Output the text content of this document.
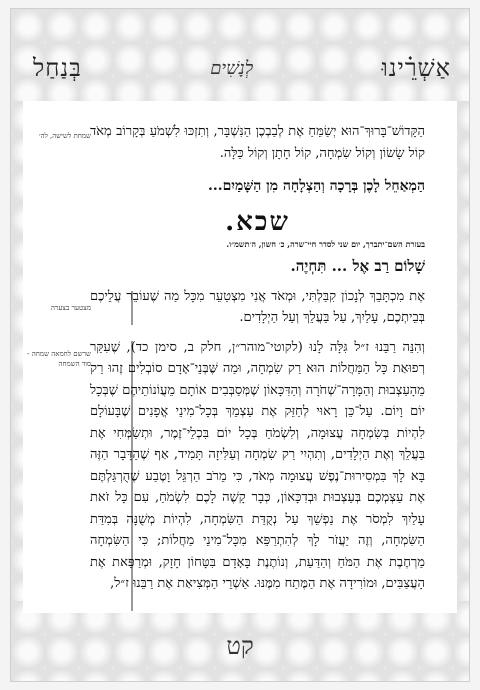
אַשְׁרֵ֗ינוּ
לְנָשִׁים
בְּנַחַל
שמחת לשישה, לה׳
מצטער בצערה
שרשם לחמאה שמחה - סוד השמחה

הַקָּדוֹשׁ־בָּרוּךְ־הוּא יְשַׂמֵּחַ אֶת לְבַבְכֶן הַנִּשְׁבָּר, וְתִזְכּוּ לִשְׁמֹעַ בְּקָרוֹב מְאֹד קוֹל שָׂשׂוֹן וְקוֹל שִׂמְחָה, קוֹל חָתָן וְקוֹל כַּלָּה.

הַמְאַחֵל לָכֶן בְּרָכָה וְהַצְלָחָה מִן הַשָּׁמַיִם...

שכא.
בעזרת השם־יתברך, יום שני לסדר חיי־שרה, כ׳ חשון, ה׳תשמ״ו.
שָׁלוֹם רַב אֶל ... תִּחְיֶה.

אֶת מִכְתָּבֵךְ לְנָכוֹן קִבַּלְתִּי, וּמְאֹד אֲנִי מִצְטַעֵר מִכָּל מַה שֶׁעוֹבֵר עֲלֵיכֶם בְּבֵיתְכֶם, עָלַיִךְ, עַל בַּעֲלֵךְ וְעַל הַיְלָדִים.

וְהִנֵּה רַבֵּנוּ ז״ל גִּלָּה לָנוּ (לקוטי־מוהר״ן, חלק ב, סימן כד), שֶׁעִקַּר רְפוּאַת כָּל הַמַּחֲלוֹת הוּא רַק שִׂמְחָה, וּמַה שֶּׁבְּנֵי־אָדָם סוֹבְלִים זֶהוּ רַק מֵהָעַצְבוּת וְהַמָּרָה־שְׁחֹרָה וְהַדִּכָּאוֹן שֶׁמְּסַבְּבִים אוֹתָם מֵעֲוֹנוֹתֵיהֶם שֶׁבְּכָל יוֹם וָיוֹם. עַל־כֵּן רָאוּי לְחַזֵּק אֶת עַצְמֵךְ בְּכָל־מִינֵי אֳפָנִים שֶׁבָּעוֹלָם לִהְיוֹת בְּשִׂמְחָה עֲצוּמָה, וְלִשְׂמֹחַ בְּכָל יוֹם בִּכְלֵי־זֶמֶר, וּתְשַׂמְּחִי אֶת בַּעֲלֵךְ וְאֶת הַיְלָדִים, וְתִהְיִי רַק שִׂמְחָה וְעַלִּיזָה תָּמִיד, אַף שֶׁהַדָּבָר הַזֶּה בָּא לָךְ בִּמְסִירוּת־נֶפֶשׁ עֲצוּמָה מְאֹד, כִּי מֵרֹב הַרְגֵּל וָטֶבַע שֶׁהֻרְגַּלְתֶּם אֶת עַצְמְכֶם בְּעַצְבוּת וּבְדִכָּאוֹן, כְּבָר קָשֶׁה לָכֶם לִשְׂמֹחַ, עִם כָּל זֹאת עָלַיִךְ לִמְסֹר אֶת נַפְשֵׁךְ עַל נְקֻדַּת הַשִּׂמְחָה, לִהְיוֹת מְשֻׁנָּה בְּמִדַּת הַשִּׂמְחָה, וְזֶה יַעֲזֹר לָךְ לְהִתְרַפֵּא מִכָּל־מִינֵי מַחֲלוֹת; כִּי הַשִּׂמְחָה מַרְחֶבֶת אֶת הַמֹּחַ וְהַדַּעַת, וְנוֹתֶנֶת בָּאָדָם בִּטָּחוֹן חָזָק, וּמְרַפֵּאת אֶת הָעֲצַבִּים, וּמוֹרִידָה אֶת הַמֶּתַח מִמֶּנּוּ. אַשְׁרֵי הַמְּצִיאַת אֶת רַבֵּנוּ ז״ל,

קט
